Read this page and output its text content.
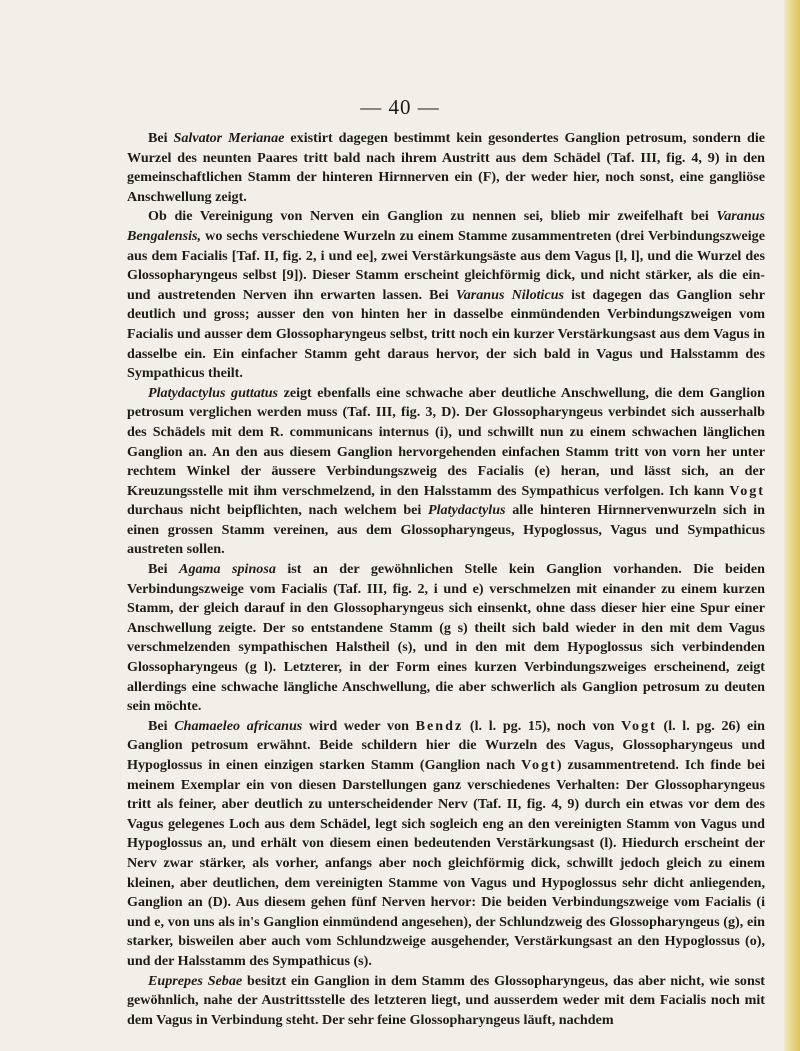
— 40 —

Bei Salvator Merianae existirt dagegen bestimmt kein gesondertes Ganglion petrosum, sondern die Wurzel des neunten Paares tritt bald nach ihrem Austritt aus dem Schädel (Taf. III, fig. 4, 9) in den gemeinschaftlichen Stamm der hinteren Hirnnerven ein (F), der weder hier, noch sonst, eine gangliöse Anschwellung zeigt.

Ob die Vereinigung von Nerven ein Ganglion zu nennen sei, blieb mir zweifelhaft bei Varanus Bengalensis, wo sechs verschiedene Wurzeln zu einem Stamme zusammentreten (drei Verbindungszweige aus dem Facialis [Taf. II, fig. 2, i und ee], zwei Verstärkungsäste aus dem Vagus [l, l], und die Wurzel des Glossopharyngeus selbst [9]). Dieser Stamm erscheint gleichförmig dick, und nicht stärker, als die ein- und austretenden Nerven ihn erwarten lassen. Bei Varanus Niloticus ist dagegen das Ganglion sehr deutlich und gross; ausser den von hinten her in dasselbe einmündenden Verbindungszweigen vom Facialis und ausser dem Glossopharyngeus selbst, tritt noch ein kurzer Verstärkungsast aus dem Vagus in dasselbe ein. Ein einfacher Stamm geht daraus hervor, der sich bald in Vagus und Halsstamm des Sympathicus theilt.

Platydactylus guttatus zeigt ebenfalls eine schwache aber deutliche Anschwellung, die dem Ganglion petrosum verglichen werden muss (Taf. III, fig. 3, D). Der Glossopharyngeus verbindet sich ausserhalb des Schädels mit dem R. communicans internus (i), und schwillt nun zu einem schwachen länglichen Ganglion an. An den aus diesem Ganglion hervorgehenden einfachen Stamm tritt von vorn her unter rechtem Winkel der äussere Verbindungszweig des Facialis (e) heran, und lässt sich, an der Kreuzungsstelle mit ihm verschmelzend, in den Halsstamm des Sympathicus verfolgen. Ich kann Vogt durchaus nicht beipflichten, nach welchem bei Platydactylus alle hinteren Hirnnervenwurzeln sich in einen grossen Stamm vereinen, aus dem Glossopharyngeus, Hypoglossus, Vagus und Sympathicus austreten sollen.

Bei Agama spinosa ist an der gewöhnlichen Stelle kein Ganglion vorhanden. Die beiden Verbindungszweige vom Facialis (Taf. III, fig. 2, i und e) verschmelzen mit einander zu einem kurzen Stamm, der gleich darauf in den Glossopharyngeus sich einsenkt, ohne dass dieser hier eine Spur einer Anschwellung zeigte. Der so entstandene Stamm (g s) theilt sich bald wieder in den mit dem Vagus verschmelzenden sympathischen Halstheil (s), und in den mit dem Hypoglossus sich verbindenden Glossopharyngeus (g l). Letzterer, in der Form eines kurzen Verbindungszweiges erscheinend, zeigt allerdings eine schwache längliche Anschwellung, die aber schwerlich als Ganglion petrosum zu deuten sein möchte.

Bei Chamaeleo africanus wird weder von Bendz (l. l. pg. 15), noch von Vogt (l. l. pg. 26) ein Ganglion petrosum erwähnt. Beide schildern hier die Wurzeln des Vagus, Glossopharyngeus und Hypoglossus in einen einzigen starken Stamm (Ganglion nach Vogt) zusammentretend. Ich finde bei meinem Exemplar ein von diesen Darstellungen ganz verschiedenes Verhalten: Der Glossopharyngeus tritt als feiner, aber deutlich zu unterscheidender Nerv (Taf. II, fig. 4, 9) durch ein etwas vor dem des Vagus gelegenes Loch aus dem Schädel, legt sich sogleich eng an den vereinigten Stamm von Vagus und Hypoglossus an, und erhält von diesem einen bedeutenden Verstärkungsast (l). Hiedurch erscheint der Nerv zwar stärker, als vorher, anfangs aber noch gleichförmig dick, schwillt jedoch gleich zu einem kleinen, aber deutlichen, dem vereinigten Stamme von Vagus und Hypoglossus sehr dicht anliegenden, Ganglion an (D). Aus diesem gehen fünf Nerven hervor: Die beiden Verbindungszweige vom Facialis (i und e, von uns als in's Ganglion einmündend angesehen), der Schlundzweig des Glossopharyngeus (g), ein starker, bisweilen aber auch vom Schlundzweige ausgehender, Verstärkungsast an den Hypoglossus (o), und der Halsstamm des Sympathicus (s).

Euprepes Sebae besitzt ein Ganglion in dem Stamm des Glossopharyngeus, das aber nicht, wie sonst gewöhnlich, nahe der Austrittsstelle des letzteren liegt, und ausserdem weder mit dem Facialis noch mit dem Vagus in Verbindung steht. Der sehr feine Glossopharyngeus läuft, nachdem
